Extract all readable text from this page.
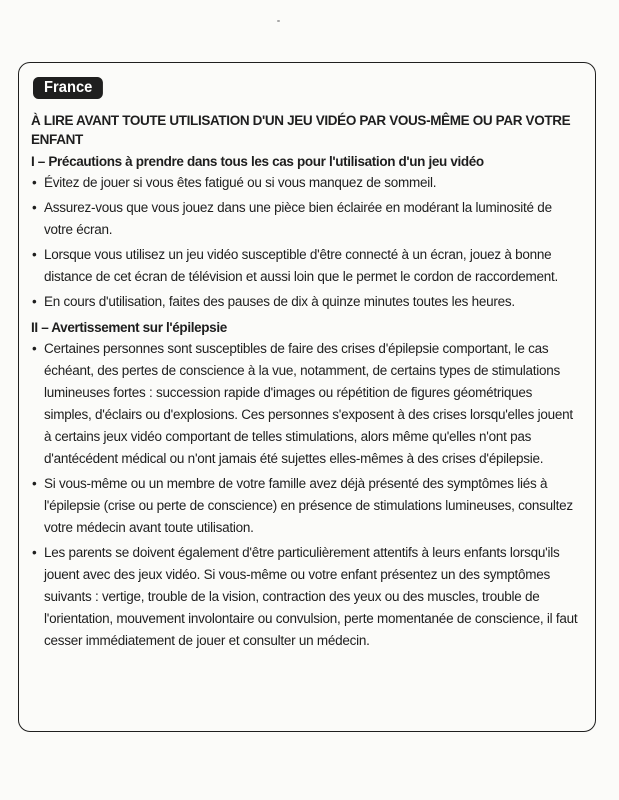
France
À LIRE AVANT TOUTE UTILISATION D'UN JEU VIDÉO PAR VOUS-MÊME OU PAR VOTRE ENFANT
I – Précautions à prendre dans tous les cas pour l'utilisation d'un jeu vidéo
• Évitez de jouer si vous êtes fatigué ou si vous manquez de sommeil.
• Assurez-vous que vous jouez dans une pièce bien éclairée en modérant la luminosité de votre écran.
• Lorsque vous utilisez un jeu vidéo susceptible d'être connecté à un écran, jouez à bonne distance de cet écran de télévision et aussi loin que le permet le cordon de raccordement.
• En cours d'utilisation, faites des pauses de dix à quinze minutes toutes les heures.
II – Avertissement sur l'épilepsie
• Certaines personnes sont susceptibles de faire des crises d'épilepsie comportant, le cas échéant, des pertes de conscience à la vue, notamment, de certains types de stimulations lumineuses fortes : succession rapide d'images ou répétition de figures géométriques simples, d'éclairs ou d'explosions. Ces personnes s'exposent à des crises lorsqu'elles jouent à certains jeux vidéo comportant de telles stimulations, alors même qu'elles n'ont pas d'antécédent médical ou n'ont jamais été sujettes elles-mêmes à des crises d'épilepsie.
• Si vous-même ou un membre de votre famille avez déjà présenté des symptômes liés à l'épilepsie (crise ou perte de conscience) en présence de stimulations lumineuses, consultez votre médecin avant toute utilisation.
• Les parents se doivent également d'être particulièrement attentifs à leurs enfants lorsqu'ils jouent avec des jeux vidéo. Si vous-même ou votre enfant présentez un des symptômes suivants : vertige, trouble de la vision, contraction des yeux ou des muscles, trouble de l'orientation, mouvement involontaire ou convulsion, perte momentanée de conscience, il faut cesser immédiatement de jouer et consulter un médecin.
